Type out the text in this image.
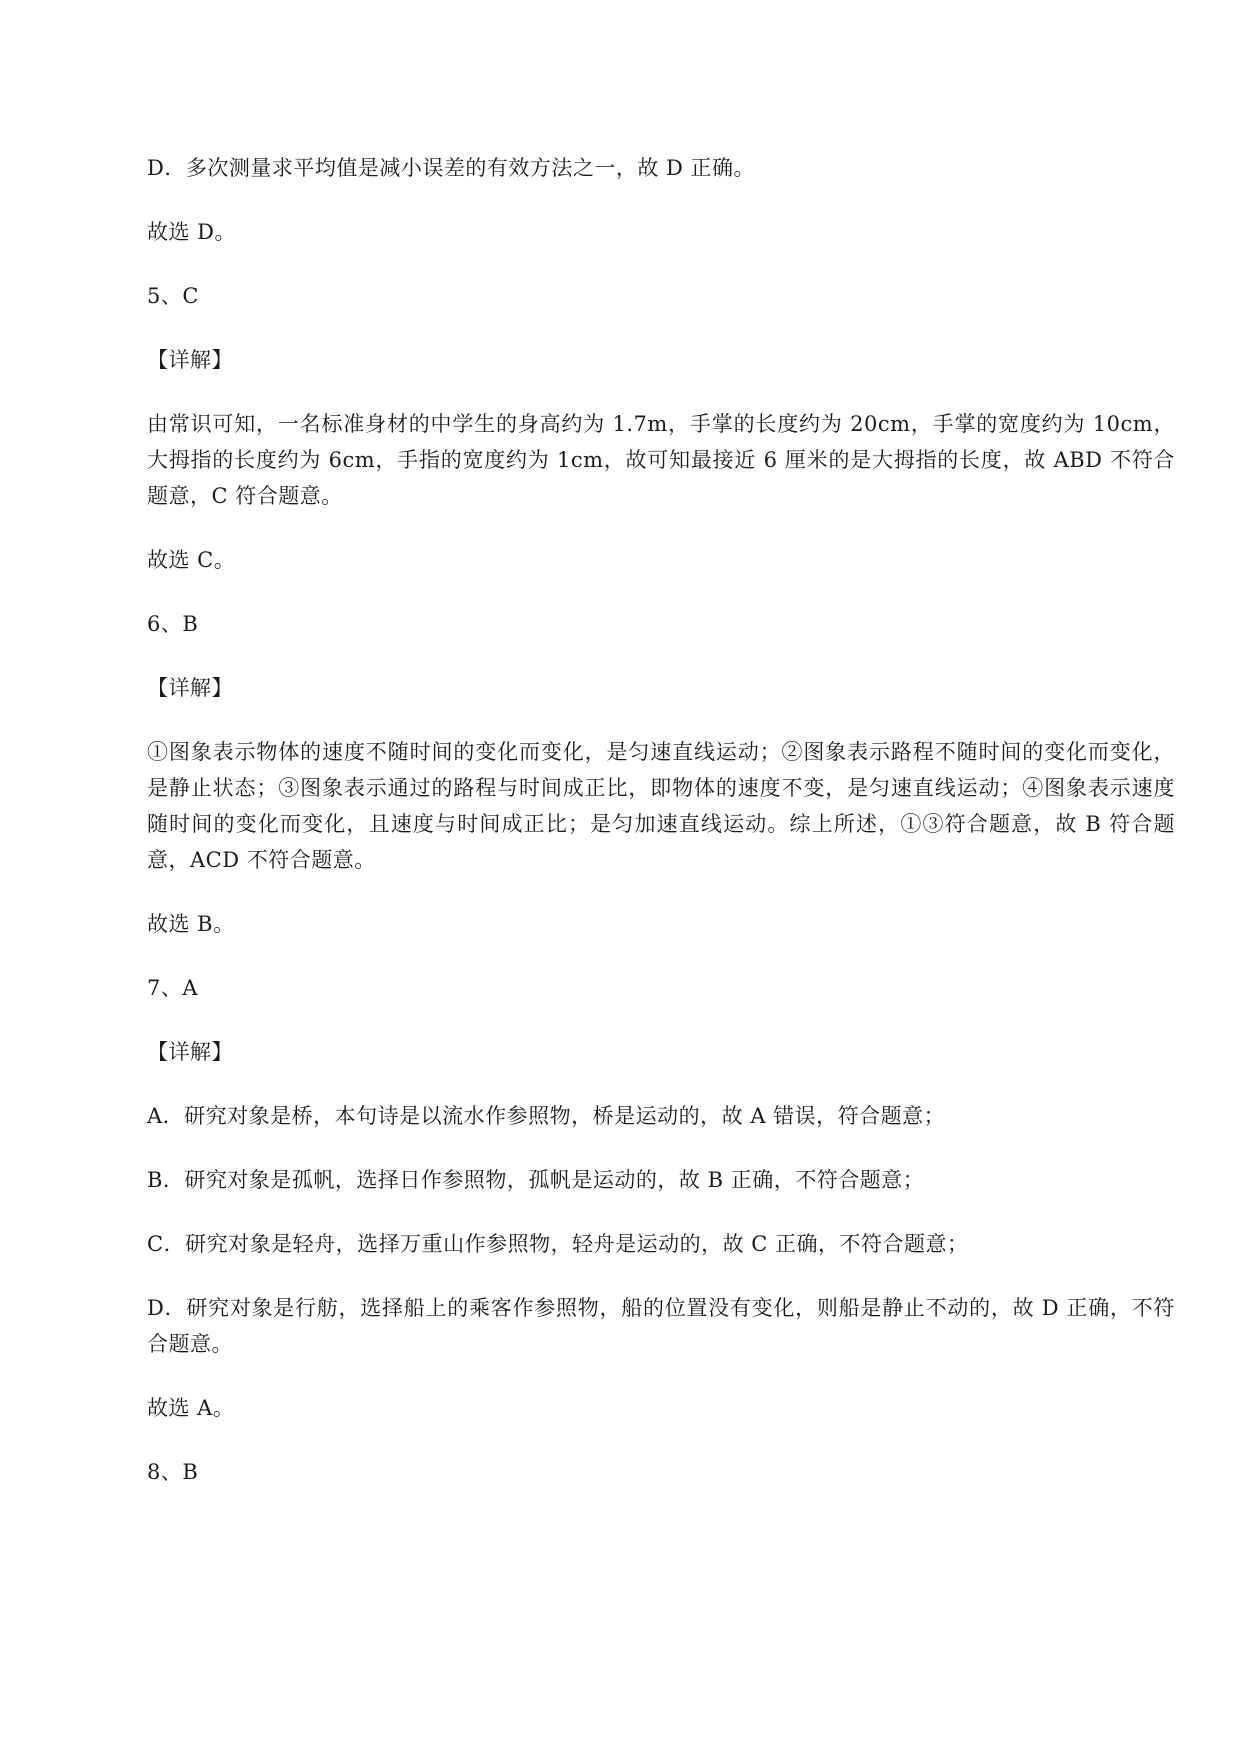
D．多次测量求平均值是减小误差的有效方法之一，故 D 正确。

故选 D。

5、C

【详解】

由常识可知，一名标准身材的中学生的身高约为 1.7m，手掌的长度约为 20cm，手掌的宽度约为 10cm，大拇指的长度约为 6cm，手指的宽度约为 1cm，故可知最接近 6 厘米的是大拇指的长度，故 ABD 不符合题意，C 符合题意。

故选 C。

6、B

【详解】

①图象表示物体的速度不随时间的变化而变化，是匀速直线运动；②图象表示路程不随时间的变化而变化，是静止状态；③图象表示通过的路程与时间成正比，即物体的速度不变，是匀速直线运动；④图象表示速度随时间的变化而变化，且速度与时间成正比；是匀加速直线运动。综上所述，①③符合题意，故 B 符合题意，ACD 不符合题意。

故选 B。

7、A

【详解】

A．研究对象是桥，本句诗是以流水作参照物，桥是运动的，故 A 错误，符合题意；

B．研究对象是孤帆，选择日作参照物，孤帆是运动的，故 B 正确，不符合题意；

C．研究对象是轻舟，选择万重山作参照物，轻舟是运动的，故 C 正确，不符合题意；

D．研究对象是行舫，选择船上的乘客作参照物，船的位置没有变化，则船是静止不动的，故 D 正确，不符合题意。

故选 A。

8、B
